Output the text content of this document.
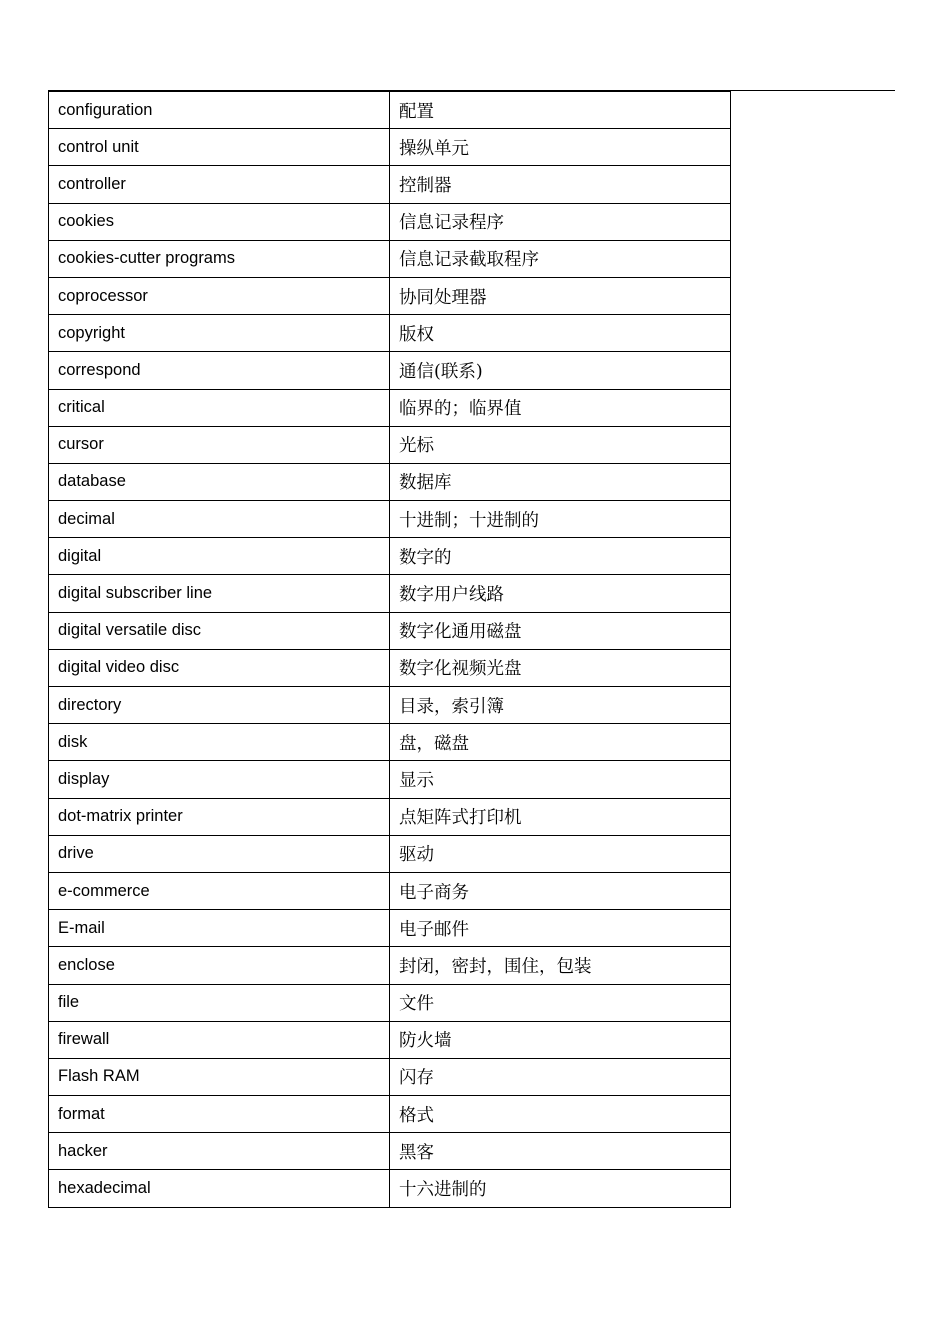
configuration	配置
control unit	操纵单元
controller	控制器
cookies	信息记录程序
cookies-cutter programs	信息记录截取程序
coprocessor	协同处理器
copyright	版权
correspond	通信(联系)
critical	临界的；临界值
cursor	光标
database	数据库
decimal	十进制；十进制的
digital	数字的
digital subscriber line	数字用户线路
digital versatile disc	数字化通用磁盘
digital video disc	数字化视频光盘
directory	目录，索引簿
disk	盘，磁盘
display	显示
dot-matrix printer	点矩阵式打印机
drive	驱动
e-commerce	电子商务
E-mail	电子邮件
enclose	封闭，密封，围住，包装
file	文件
firewall	防火墙
Flash RAM	闪存
format	格式
hacker	黑客
hexadecimal	十六进制的
